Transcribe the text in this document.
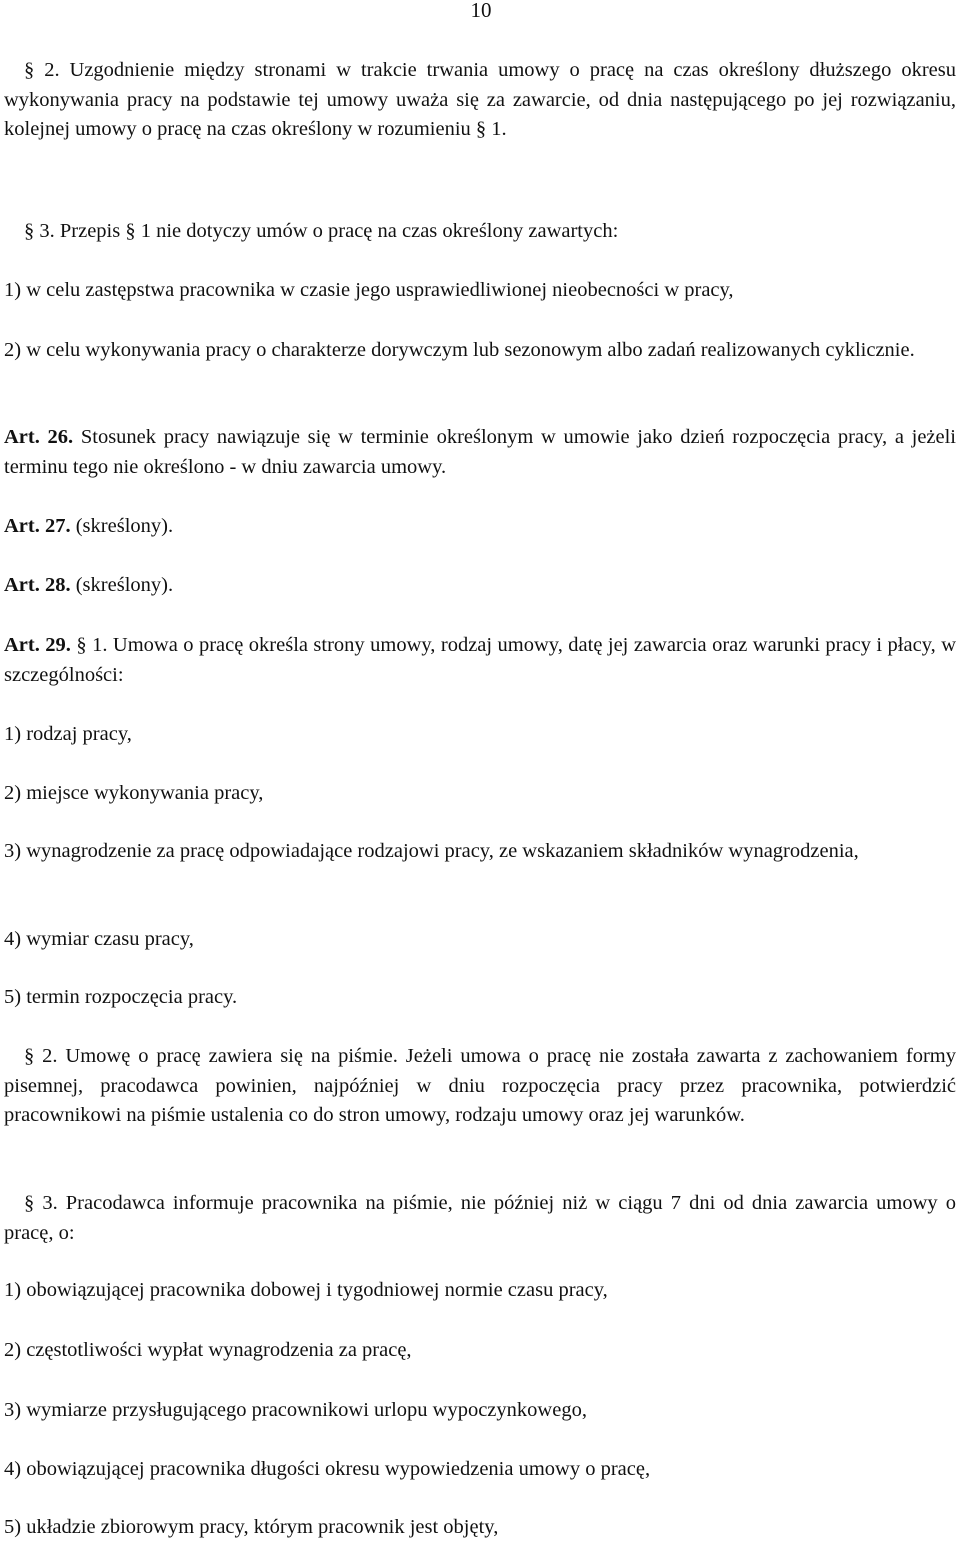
10

§ 2. Uzgodnienie między stronami w trakcie trwania umowy o pracę na czas określony dłuższego okresu wykonywania pracy na podstawie tej umowy uważa się za zawarcie, od dnia następującego po jej rozwiązaniu, kolejnej umowy o pracę na czas określony w rozumieniu § 1.

§ 3. Przepis § 1 nie dotyczy umów o pracę na czas określony zawartych:

1) w celu zastępstwa pracownika w czasie jego usprawiedliwionej nieobecności w pracy,

2) w celu wykonywania pracy o charakterze dorywczym lub sezonowym albo zadań realizowanych cyklicznie.

Art. 26. Stosunek pracy nawiązuje się w terminie określonym w umowie jako dzień rozpoczęcia pracy, a jeżeli terminu tego nie określono - w dniu zawarcia umowy.

Art. 27. (skreślony).

Art. 28. (skreślony).

Art. 29. § 1. Umowa o pracę określa strony umowy, rodzaj umowy, datę jej zawarcia oraz warunki pracy i płacy, w szczególności:

1) rodzaj pracy,

2) miejsce wykonywania pracy,

3) wynagrodzenie za pracę odpowiadające rodzajowi pracy, ze wskazaniem składników wynagrodzenia,

4) wymiar czasu pracy,

5) termin rozpoczęcia pracy.

§ 2. Umowę o pracę zawiera się na piśmie. Jeżeli umowa o pracę nie została zawarta z zachowaniem formy pisemnej, pracodawca powinien, najpóźniej w dniu rozpoczęcia pracy przez pracownika, potwierdzić pracownikowi na piśmie ustalenia co do stron umowy, rodzaju umowy oraz jej warunków.

§ 3. Pracodawca informuje pracownika na piśmie, nie później niż w ciągu 7 dni od dnia zawarcia umowy o pracę, o:

1) obowiązującej pracownika dobowej i tygodniowej normie czasu pracy,

2) częstotliwości wypłat wynagrodzenia za pracę,

3) wymiarze przysługującego pracownikowi urlopu wypoczynkowego,

4) obowiązującej pracownika długości okresu wypowiedzenia umowy o pracę,

5) układzie zbiorowym pracy, którym pracownik jest objęty,
